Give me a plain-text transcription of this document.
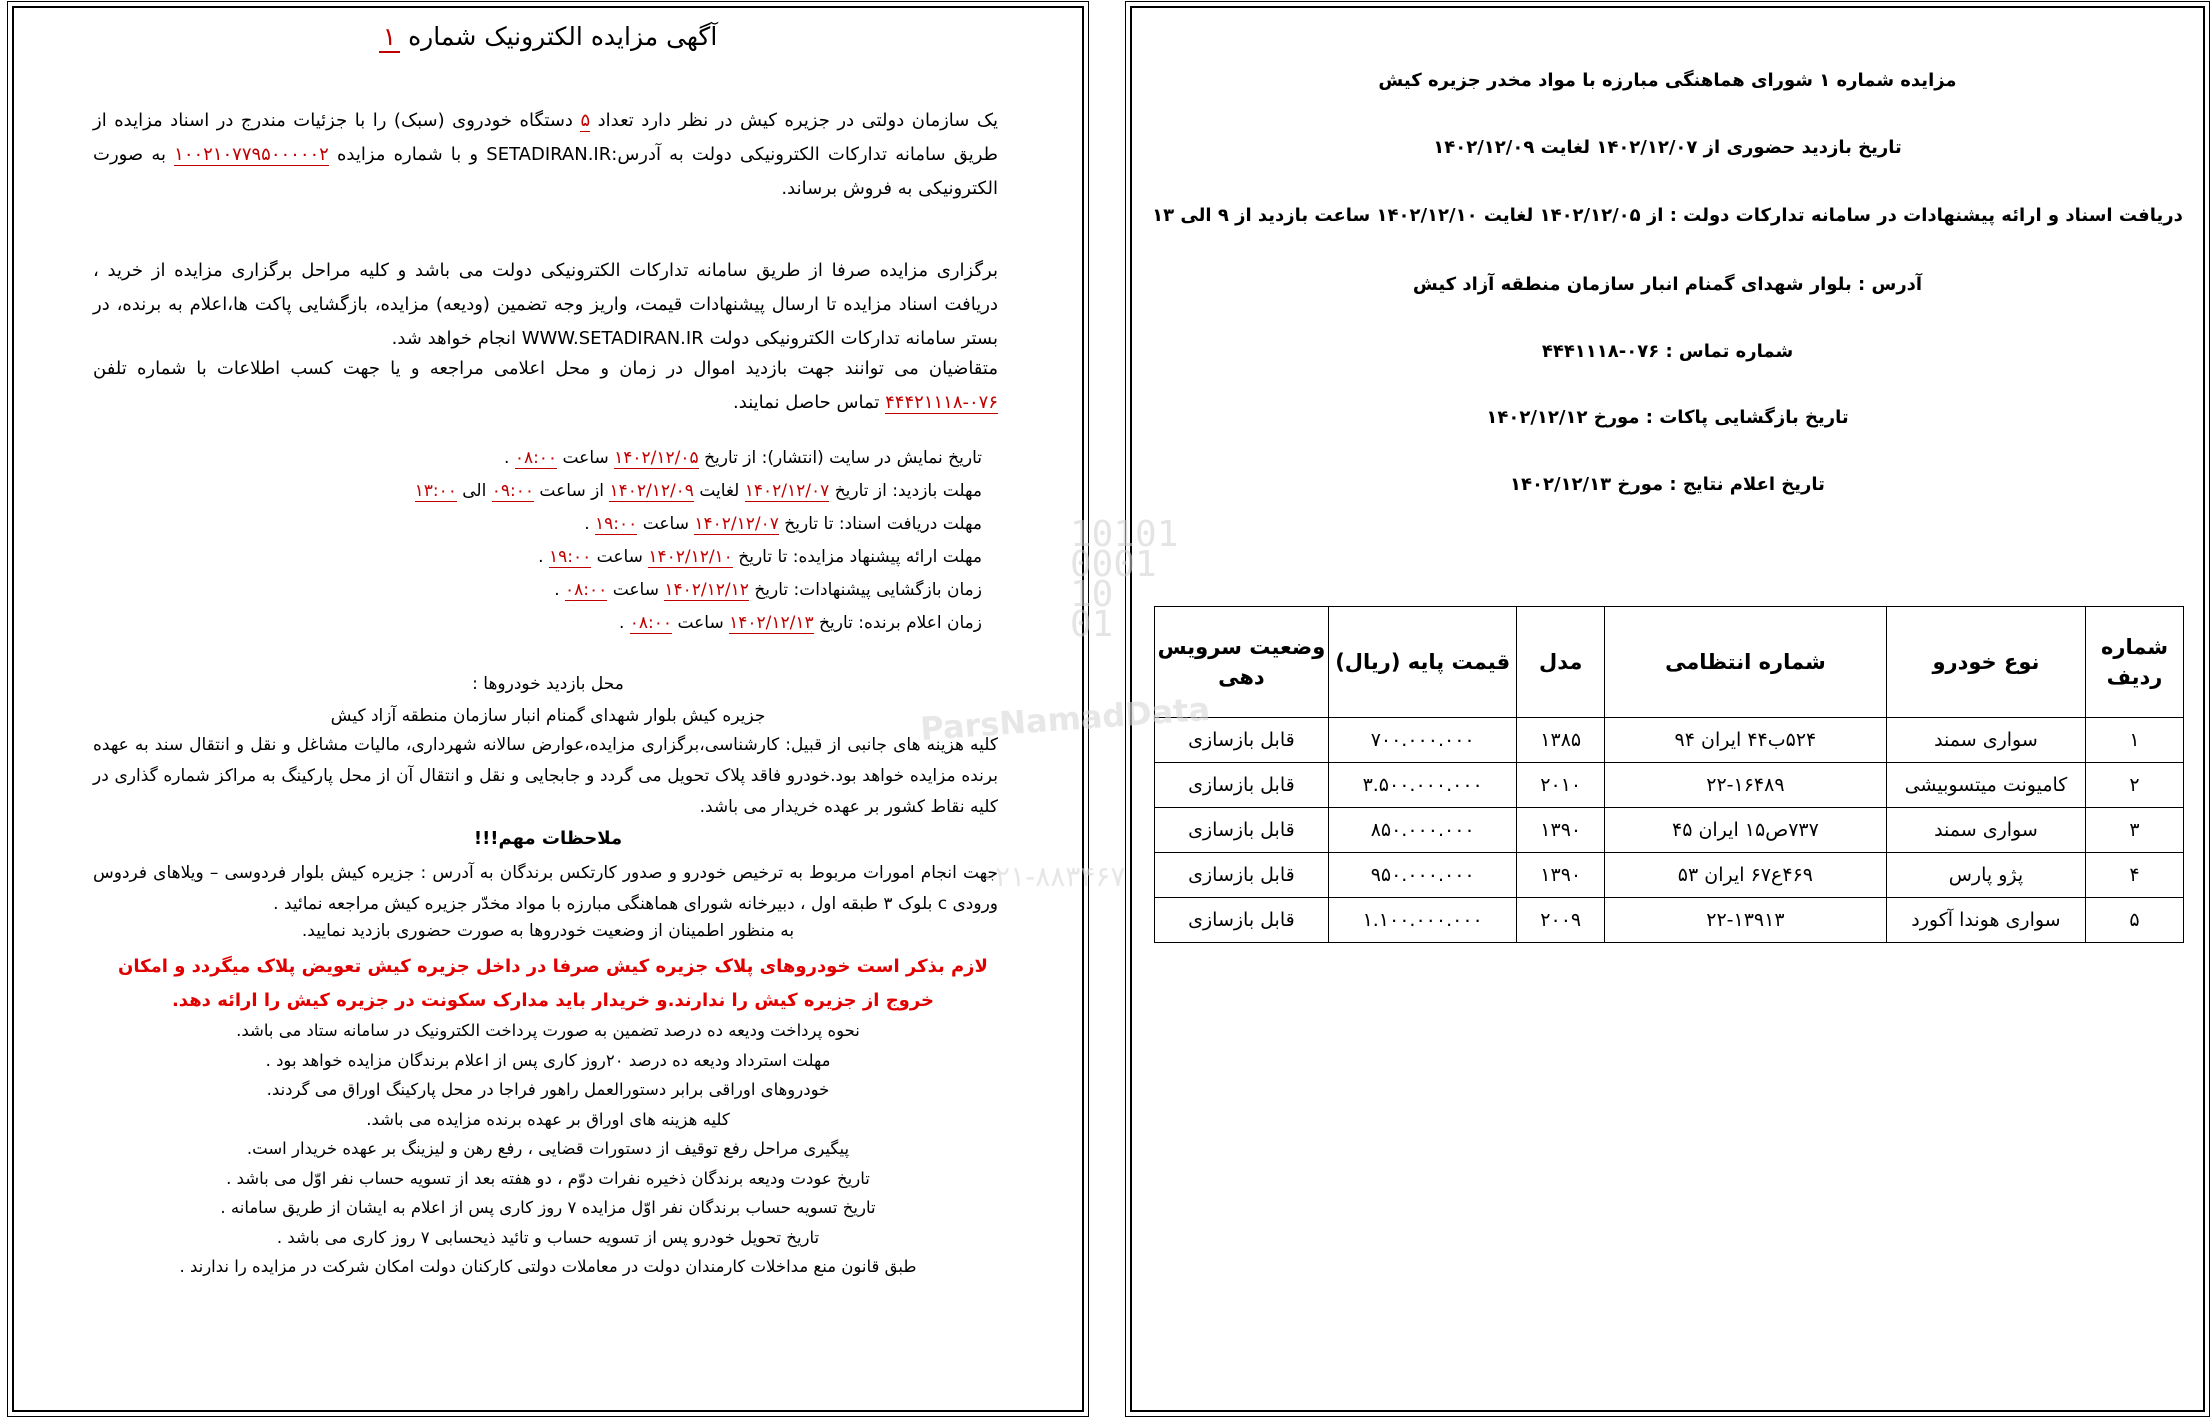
آگهی مزایده الکترونیک شماره ۱
یک سازمان دولتی در جزیره کیش در نظر دارد تعداد ۵ دستگاه خودروی (سبک) را با جزئیات مندرج در اسناد مزایده از طریق سامانه تدارکات الکترونیکی دولت به آدرس:SETADIRAN.IR و با شماره مزایده ۱۰۰۲۱۰۷۷۹۵۰۰۰۰۰۲ به صورت الکترونیکی به فروش برساند.
برگزاری مزایده صرفا از طریق سامانه تدارکات الکترونیکی دولت می باشد و کلیه مراحل برگزاری مزایده از خرید ، دریافت اسناد مزایده تا ارسال پیشنهادات قیمت، واریز وجه تضمین (ودیعه) مزایده، بازگشایی پاکت ها،اعلام به برنده، در بستر سامانه تدارکات الکترونیکی دولت WWW.SETADIRAN.IR انجام خواهد شد.
متقاضیان می توانند جهت بازدید اموال در زمان و محل اعلامی مراجعه و یا جهت کسب اطلاعات با شماره تلفن ۰۷۶-۴۴۴۲۱۱۱۸ تماس حاصل نمایند.
تاریخ نمایش در سایت (انتشار): از تاریخ ۱۴۰۲/۱۲/۰۵ ساعت ۰۸:۰۰ .
مهلت بازدید: از تاریخ ۱۴۰۲/۱۲/۰۷ لغایت ۱۴۰۲/۱۲/۰۹ از ساعت ۰۹:۰۰ الی ۱۳:۰۰
مهلت دریافت اسناد: تا تاریخ ۱۴۰۲/۱۲/۰۷ ساعت ۱۹:۰۰ .
مهلت ارائه پیشنهاد مزایده: تا تاریخ ۱۴۰۲/۱۲/۱۰ ساعت ۱۹:۰۰ .
زمان بازگشایی پیشنهادات: تاریخ ۱۴۰۲/۱۲/۱۲ ساعت ۰۸:۰۰ .
زمان اعلام برنده: تاریخ ۱۴۰۲/۱۲/۱۳ ساعت ۰۸:۰۰ .
محل بازدید خودروها :
جزیره کیش بلوار شهدای گمنام انبار سازمان منطقه آزاد کیش
کلیه هزینه های جانبی از قبیل: کارشناسی،برگزاری مزایده،عوارض سالانه شهرداری، مالیات مشاغل و نقل و انتقال سند به عهده برنده مزایده خواهد بود.خودرو فاقد پلاک تحویل می گردد و جابجایی و نقل و انتقال آن از محل پارکینگ به مراکز شماره گذاری در کلیه نقاط کشور بر عهده خریدار می باشد.
ملاحظات مهم!!!
جهت انجام امورات مربوط به ترخیص خودرو و صدور کارتکس برندگان به آدرس : جزیره کیش بلوار فردوسی – ویلاهای فردوس ورودی c بلوک ۳ طبقه اول ، دبیرخانه شورای هماهنگی مبارزه با مواد مخدّر جزیره کیش مراجعه نمائید .
به منظور اطمینان از وضعیت خودروها به صورت حضوری بازدید نمایید.
لازم بذکر است خودروهای پلاک جزیره کیش صرفا در داخل جزیره کیش تعویض پلاک میگردد و امکان خروج از جزیره کیش را ندارند.و خریدار باید مدارک سکونت در جزیره کیش را ارائه دهد.
نحوه پرداخت ودیعه ده درصد تضمین به صورت پرداخت الکترونیک در سامانه ستاد می باشد.
مهلت استرداد ودیعه ده درصد ۲۰روز کاری پس از اعلام برندگان مزایده خواهد بود .
خودروهای اوراقی برابر دستورالعمل راهور فراجا در محل پارکینگ اوراق می گردند.
کلیه هزینه های اوراق بر عهده برنده مزایده می باشد.
پیگیری مراحل رفع توقیف از دستورات قضایی ، رفع رهن و لیزینگ بر عهده خریدار است.
تاریخ عودت ودیعه برندگان ذخیره نفرات دوّم ، دو هفته بعد از تسویه حساب نفر اوّل می باشد .
تاریخ تسویه حساب برندگان نفر اوّل مزایده ۷ روز کاری پس از اعلام به ایشان از طریق سامانه .
تاریخ تحویل خودرو پس از تسویه حساب و تائید ذیحسابی ۷ روز کاری می باشد .
طبق قانون منع مداخلات کارمندان دولت در معاملات دولتی کارکنان دولت امکان شرکت در مزایده را ندارند .
مزایده شماره ۱ شورای هماهنگی مبارزه با مواد مخدر جزیره کیش
تاریخ بازدید حضوری از ۱۴۰۲/۱۲/۰۷ لغایت ۱۴۰۲/۱۲/۰۹
دریافت اسناد و ارائه پیشنهادات در سامانه تدارکات دولت : از ۱۴۰۲/۱۲/۰۵ لغایت ۱۴۰۲/۱۲/۱۰ ساعت بازدید از ۹ الی ۱۳
آدرس : بلوار شهدای گمنام انبار سازمان منطقه آزاد کیش
شماره تماس : ۰۷۶-۴۴۴۱۱۱۸
تاریخ بازگشایی پاکات : مورخ ۱۴۰۲/۱۲/۱۲
تاریخ اعلام نتایج : مورخ ۱۴۰۲/۱۲/۱۳
شماره ردیف	نوع خودرو	شماره انتظامی	مدل	قیمت پایه (ریال)	وضعیت سرویس دهی
۱	سواری سمند	۵۲۴ب۴۴ ایران ۹۴	۱۳۸۵	۷۰۰.۰۰۰.۰۰۰	قابل بازسازی
۲	کامیونت میتسوبیشی	۲۲-۱۶۴۸۹	۲۰۱۰	۳.۵۰۰.۰۰۰.۰۰۰	قابل بازسازی
۳	سواری سمند	۷۳۷ص۱۵ ایران ۴۵	۱۳۹۰	۸۵۰.۰۰۰.۰۰۰	قابل بازسازی
۴	پژو پارس	۴۶۹ع۶۷ ایران ۵۳	۱۳۹۰	۹۵۰.۰۰۰.۰۰۰	قابل بازسازی
۵	سواری هوندا آکورد	۲۲-۱۳۹۱۳	۲۰۰۹	۱.۱۰۰.۰۰۰.۰۰۰	قابل بازسازی
10101
0001
10
01
ParsNamadData
۰۲۱-۸۸۳۴۶۷
